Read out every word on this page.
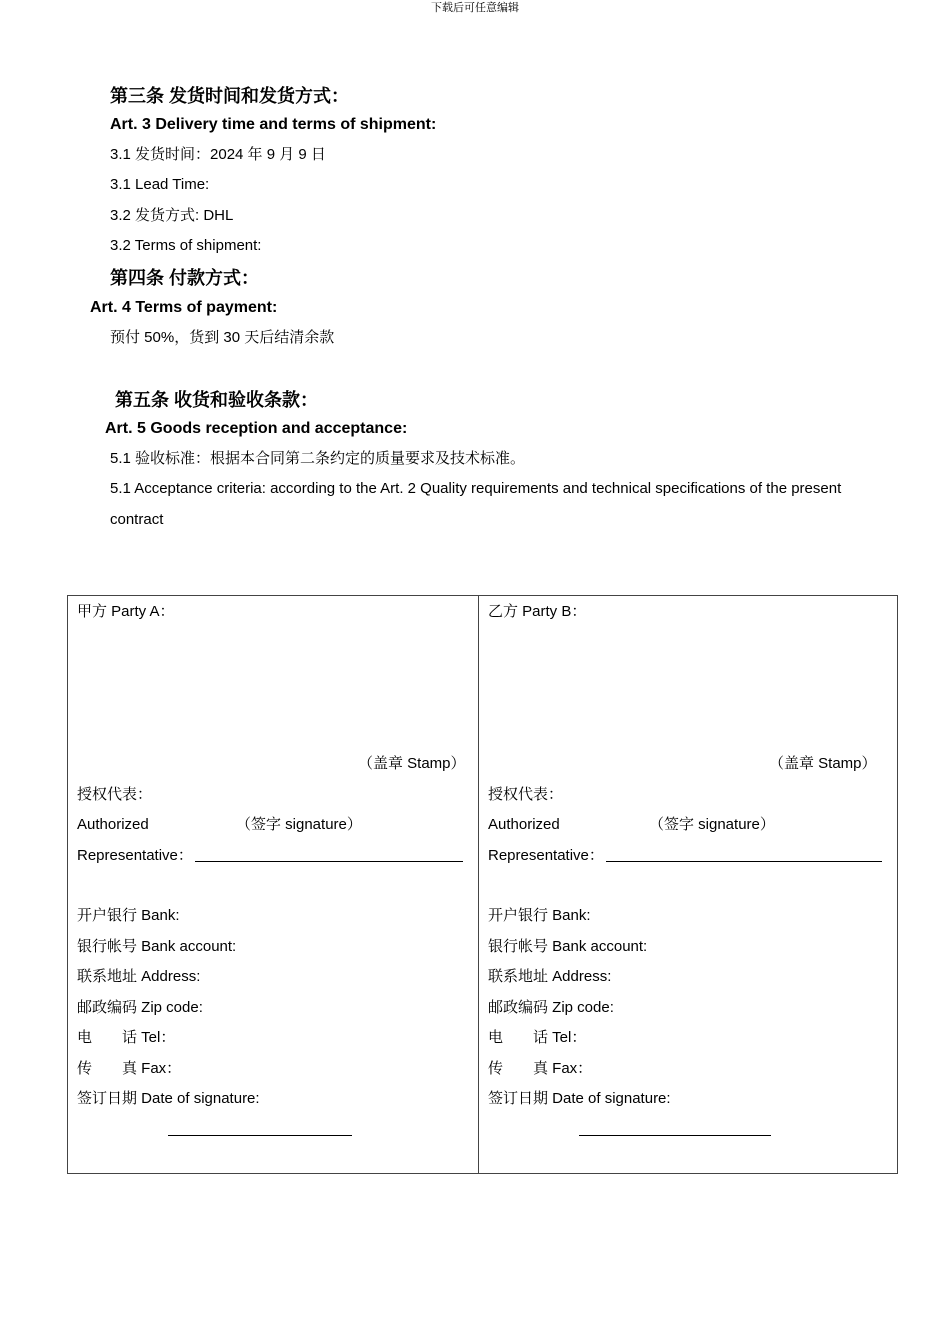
下载后可任意编辑
第三条 发货时间和发货方式：
Art. 3 Delivery time and terms of shipment:
3.1 发货时间：2024 年 9 月 9 日
3.1 Lead Time:
3.2 发货方式: DHL
3.2 Terms of shipment:
第四条 付款方式：
Art. 4 Terms of payment:
预付 50%，货到 30 天后结清余款
第五条 收货和验收条款：
Art. 5 Goods reception and acceptance:
5.1 验收标准：根据本合同第二条约定的质量要求及技术标准。
5.1 Acceptance criteria: according to the Art. 2 Quality requirements and technical specifications of the present
contract
甲方 Party A：
（盖章 Stamp）
授权代表：
Authorized	（签字 signature）
Representative：
开户银行 Bank:
银行帐号 Bank account:
联系地址 Address:
邮政编码 Zip code:
电　　话 Tel：
传　　真 Fax：
签订日期 Date of signature:
乙方 Party B：
（盖章 Stamp）
授权代表：
Authorized	（签字 signature）
Representative：
开户银行 Bank:
银行帐号 Bank account:
联系地址 Address:
邮政编码 Zip code:
电　　话 Tel：
传　　真 Fax：
签订日期 Date of signature:
